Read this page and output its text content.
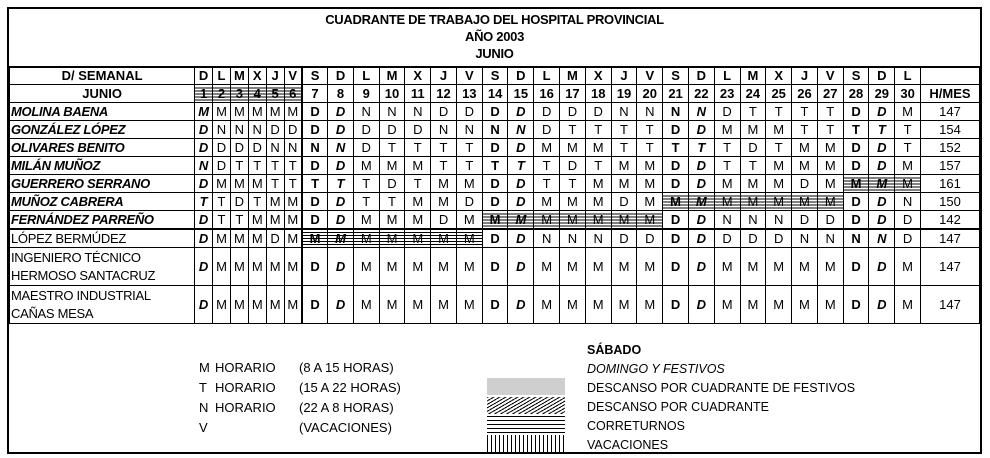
CUADRANTE DE TRABAJO DEL HOSPITAL PROVINCIAL
AÑO 2003
JUNIO
D/ SEMANAL	D	L	M	X	J	V	S	D	L	M	X	J	V	S	D	L	M	X	J	V	S	D	L	M	X	J	V	S	D	L	
JUNIO	1	2	3	4	5	6	7	8	9	10	11	12	13	14	15	16	17	18	19	20	21	22	23	24	25	26	27	28	29	30	H/MES
MOLINA BAENA	M	M	M	M	M	M	D	D	N	N	N	D	D	D	D	D	D	D	N	N	N	N	D	T	T	T	T	D	D	M	147
GONZÁLEZ LÓPEZ	D	N	N	N	D	D	D	D	D	D	D	N	N	N	N	D	T	T	T	T	D	D	M	M	M	T	T	T	T	T	154
OLIVARES BENITO	D	D	D	D	N	N	N	N	D	T	T	T	T	D	D	M	M	M	T	T	T	T	T	D	T	M	M	D	D	T	152
MILÁN MUÑOZ	N	D	T	T	T	T	D	D	M	M	M	T	T	T	T	T	D	T	M	M	D	D	T	T	M	M	M	D	D	M	157
GUERRERO SERRANO	D	M	M	M	T	T	T	T	T	D	T	M	M	D	D	T	T	M	M	M	D	D	M	M	M	D	M	M	M	M	161
MUÑOZ CABRERA	T	T	D	T	M	M	D	D	T	T	M	M	D	D	D	M	M	M	D	M	M	M	M	M	M	M	M	D	D	N	150
FERNÁNDEZ PARREÑO	D	T	T	M	M	M	D	D	M	M	M	D	M	M	M	M	M	M	M	M	D	D	N	N	N	D	D	D	D	D	142
LÓPEZ BERMÚDEZ	D	M	M	M	D	M	M	M	M	M	M	M	M	D	D	N	N	N	D	D	D	D	D	D	D	N	N	N	N	D	147
INGENIERO TÉCNICO HERMOSO SANTACRUZ	D	M	M	M	M	M	D	D	M	M	M	M	M	D	D	M	M	M	M	M	D	D	M	M	M	M	M	D	D	M	147
MAESTRO INDUSTRIAL CAÑAS MESA	D	M	M	M	M	M	D	D	M	M	M	M	M	D	D	M	M	M	M	M	D	D	M	M	M	M	M	D	D	M	147
M HORARIO (8 A 15 HORAS)
T HORARIO (15 A 22 HORAS)
N HORARIO (22 A 8 HORAS)
V	(VACACIONES)
SÁBADO
DOMINGO Y FESTIVOS
DESCANSO POR CUADRANTE DE FESTIVOS
DESCANSO POR CUADRANTE
CORRETURNOS
VACACIONES
